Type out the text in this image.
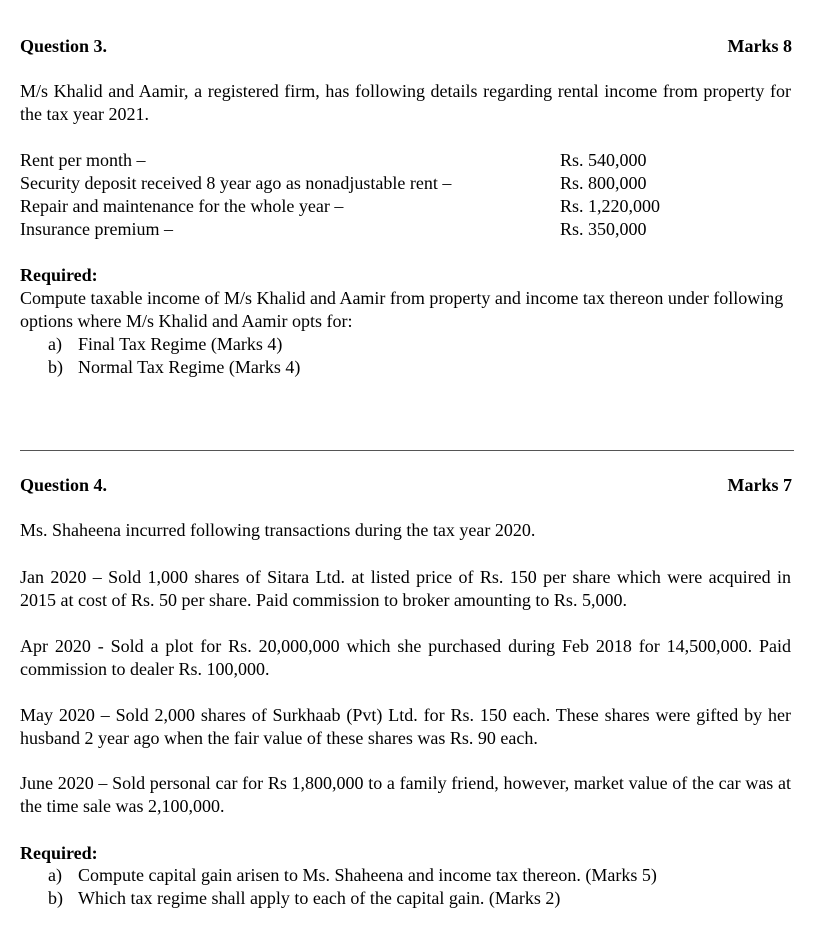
Question 3.	Marks 8
M/s Khalid and Aamir, a registered firm, has following details regarding rental income from property for the tax year 2021.
Rent per month –	Rs. 540,000
Security deposit received 8 year ago as nonadjustable rent –	Rs. 800,000
Repair and maintenance for the whole year –	Rs. 1,220,000
Insurance premium –	Rs. 350,000
Required:
Compute taxable income of M/s Khalid and Aamir from property and income tax thereon under following options where M/s Khalid and Aamir opts for:
a) Final Tax Regime (Marks 4)
b) Normal Tax Regime (Marks 4)
Question 4.	Marks 7
Ms. Shaheena incurred following transactions during the tax year 2020.
Jan 2020 – Sold 1,000 shares of Sitara Ltd. at listed price of Rs. 150 per share which were acquired in 2015 at cost of Rs. 50 per share. Paid commission to broker amounting to Rs. 5,000.
Apr 2020 - Sold a plot for Rs. 20,000,000 which she purchased during Feb 2018 for 14,500,000. Paid commission to dealer Rs. 100,000.
May 2020 – Sold 2,000 shares of Surkhaab (Pvt) Ltd. for Rs. 150 each. These shares were gifted by her husband 2 year ago when the fair value of these shares was Rs. 90 each.
June 2020 – Sold personal car for Rs 1,800,000 to a family friend, however, market value of the car was at the time sale was 2,100,000.
Required:
a) Compute capital gain arisen to Ms. Shaheena and income tax thereon. (Marks 5)
b) Which tax regime shall apply to each of the capital gain. (Marks 2)
